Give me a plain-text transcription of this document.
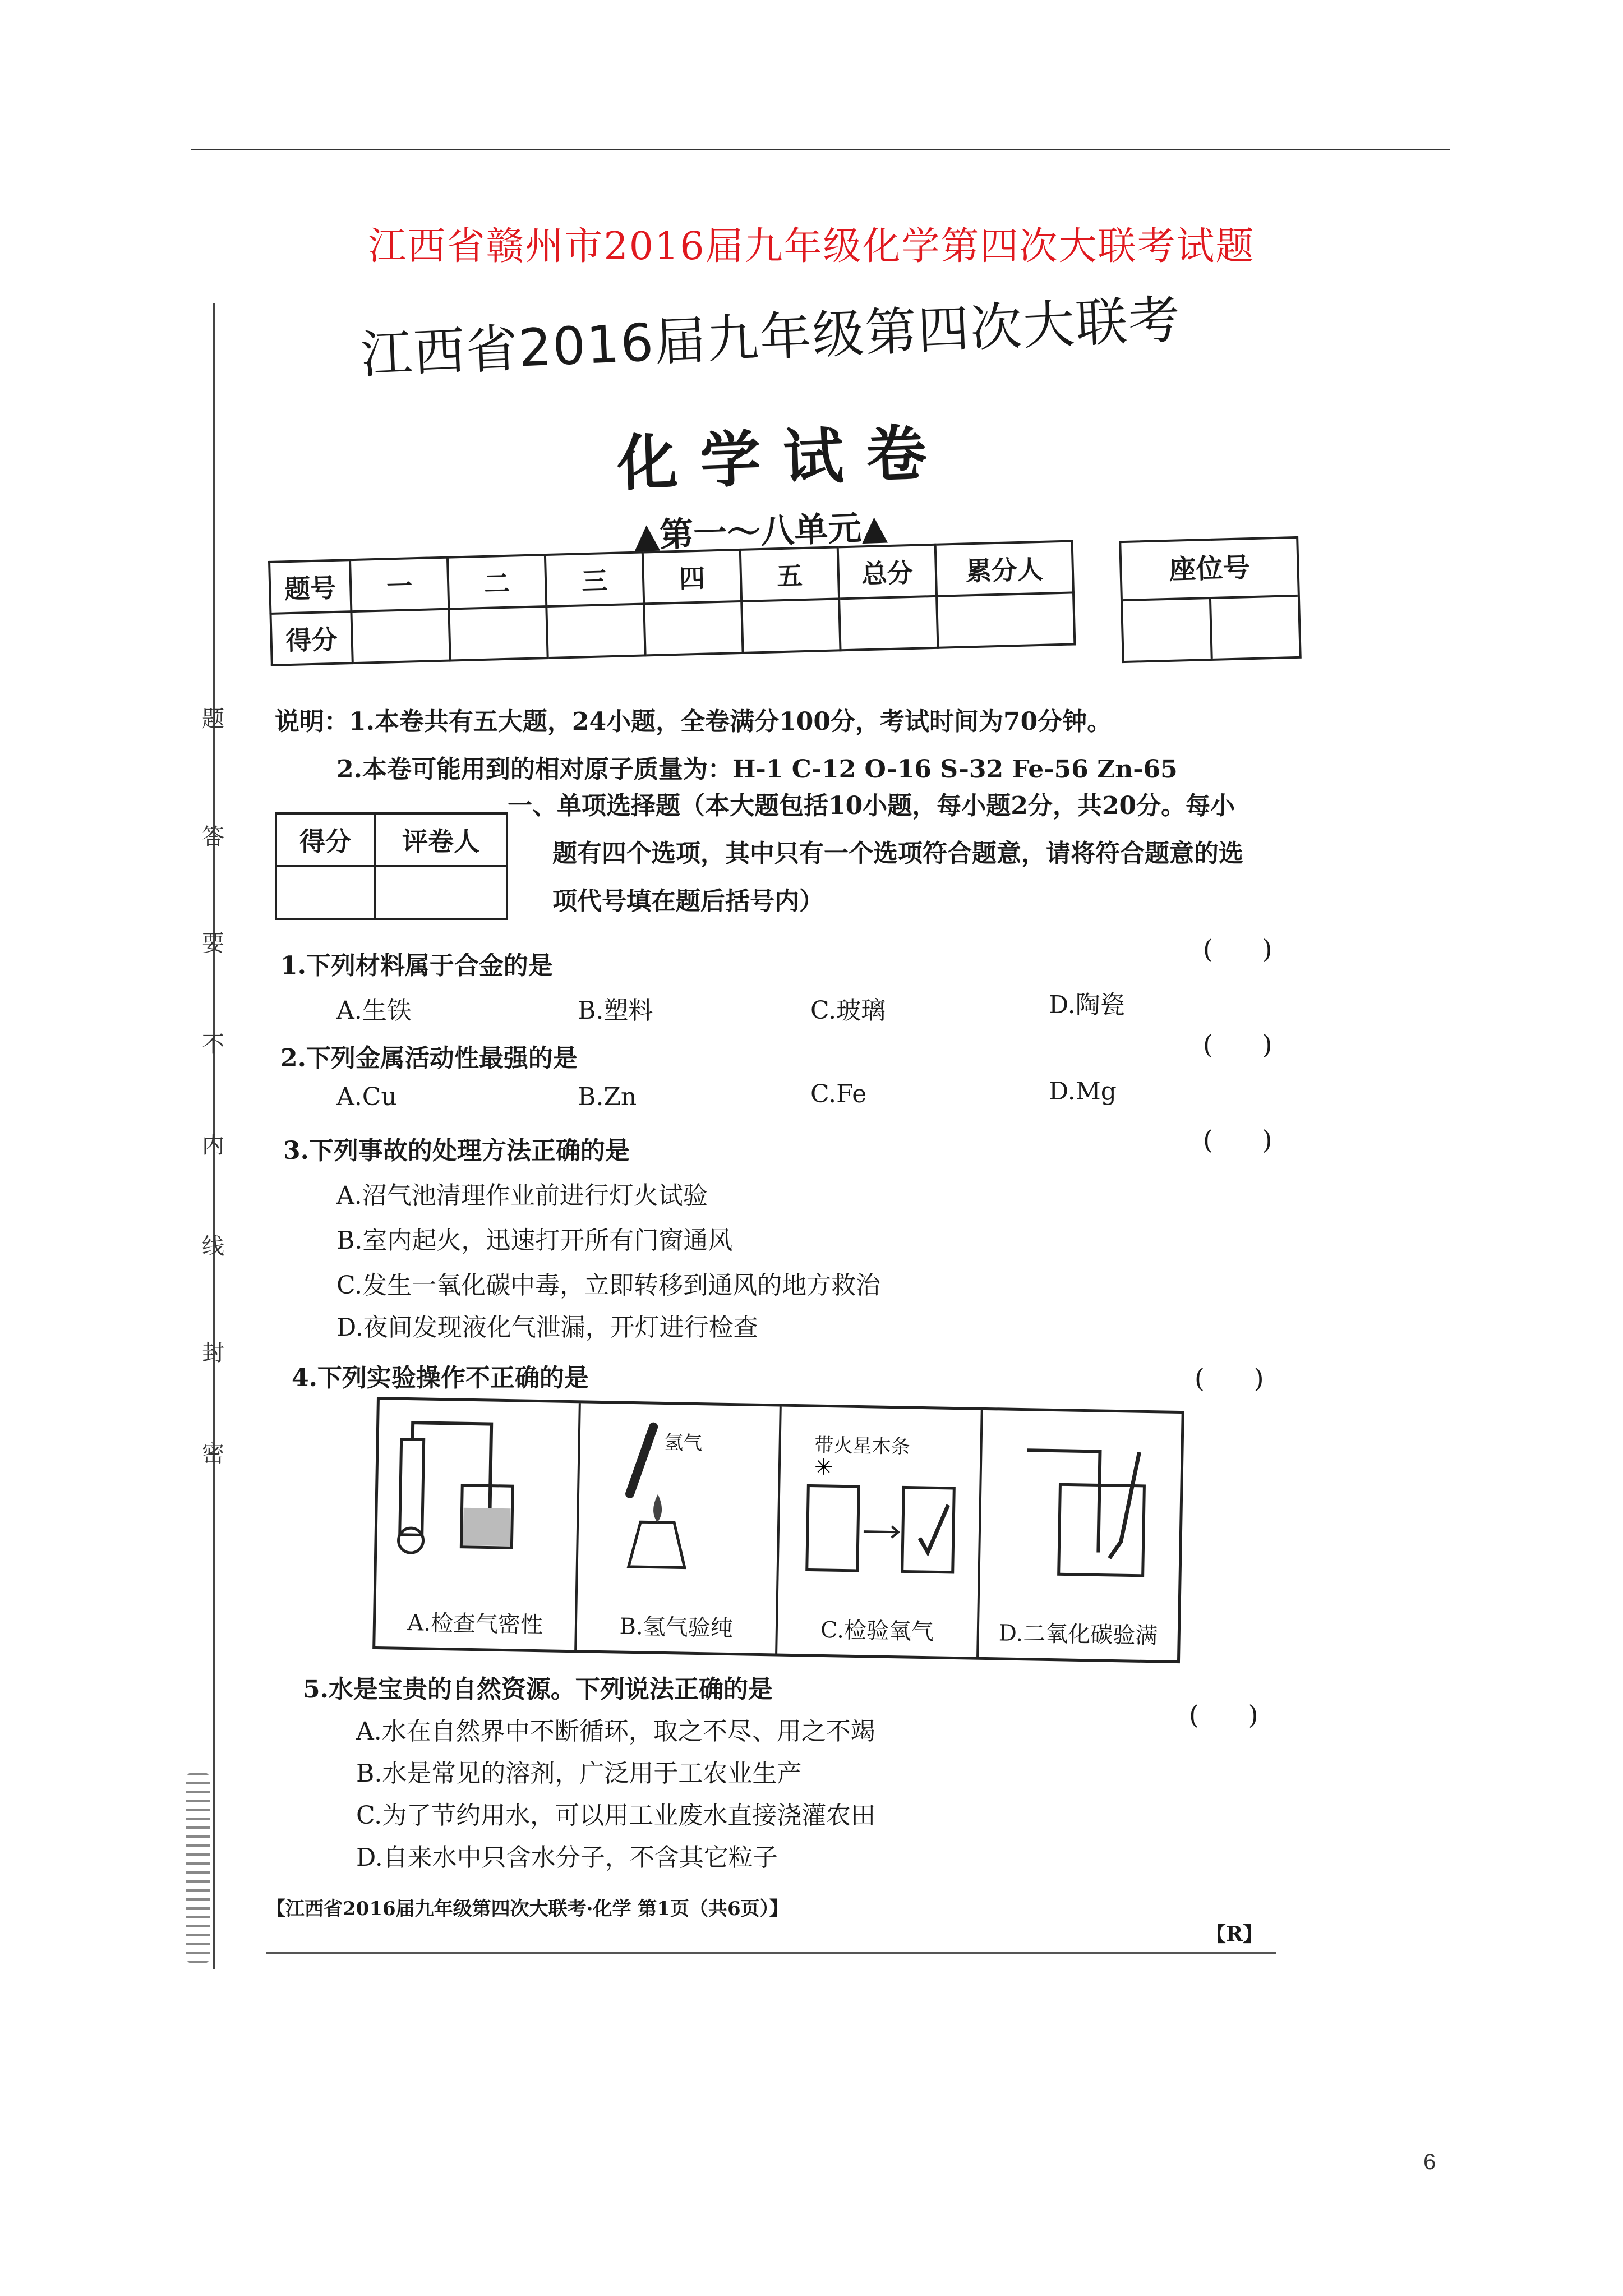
江西省赣州市2016届九年级化学第四次大联考试题
题
答
要
不
内
线
封
密
江西省2016届九年级第四次大联考
化学试卷
▲第一～八单元▲
题号	一	二	三	四	五	总分	累分人
得分							
座位号
说明：1.本卷共有五大题，24小题，全卷满分100分，考试时间为70分钟。
2.本卷可能用到的相对原子质量为：H-1 C-12 O-16 S-32 Fe-56 Zn-65
得分	评卷人

一、单项选择题（本大题包括10小题，每小题2分，共20分。每小
题有四个选项，其中只有一个选项符合题意，请将符合题意的选
项代号填在题后括号内）
1.下列材料属于合金的是
(      )
A.生铁	B.塑料	C.玻璃	D.陶瓷
2.下列金属活动性最强的是	(      )
A.Cu	B.Zn	C.Fe	D.Mg
3.下列事故的处理方法正确的是	(      )
A.沼气池清理作业前进行灯火试验
B.室内起火，迅速打开所有门窗通风
C.发生一氧化碳中毒，立即转移到通风的地方救治
D.夜间发现液化气泄漏，开灯进行检查
4.下列实验操作不正确的是	(      )
A.检查气密性
氢气
B.氢气验纯
✳
带火星木条
C.检验氧气	D.二氧化碳验满
5.水是宝贵的自然资源。下列说法正确的是
(      )
A.水在自然界中不断循环，取之不尽、用之不竭
B.水是常见的溶剂，广泛用于工农业生产
C.为了节约用水，可以用工业废水直接浇灌农田
D.自来水中只含水分子，不含其它粒子
【江西省2016届九年级第四次大联考·化学 第1页（共6页）】
【R】
6
